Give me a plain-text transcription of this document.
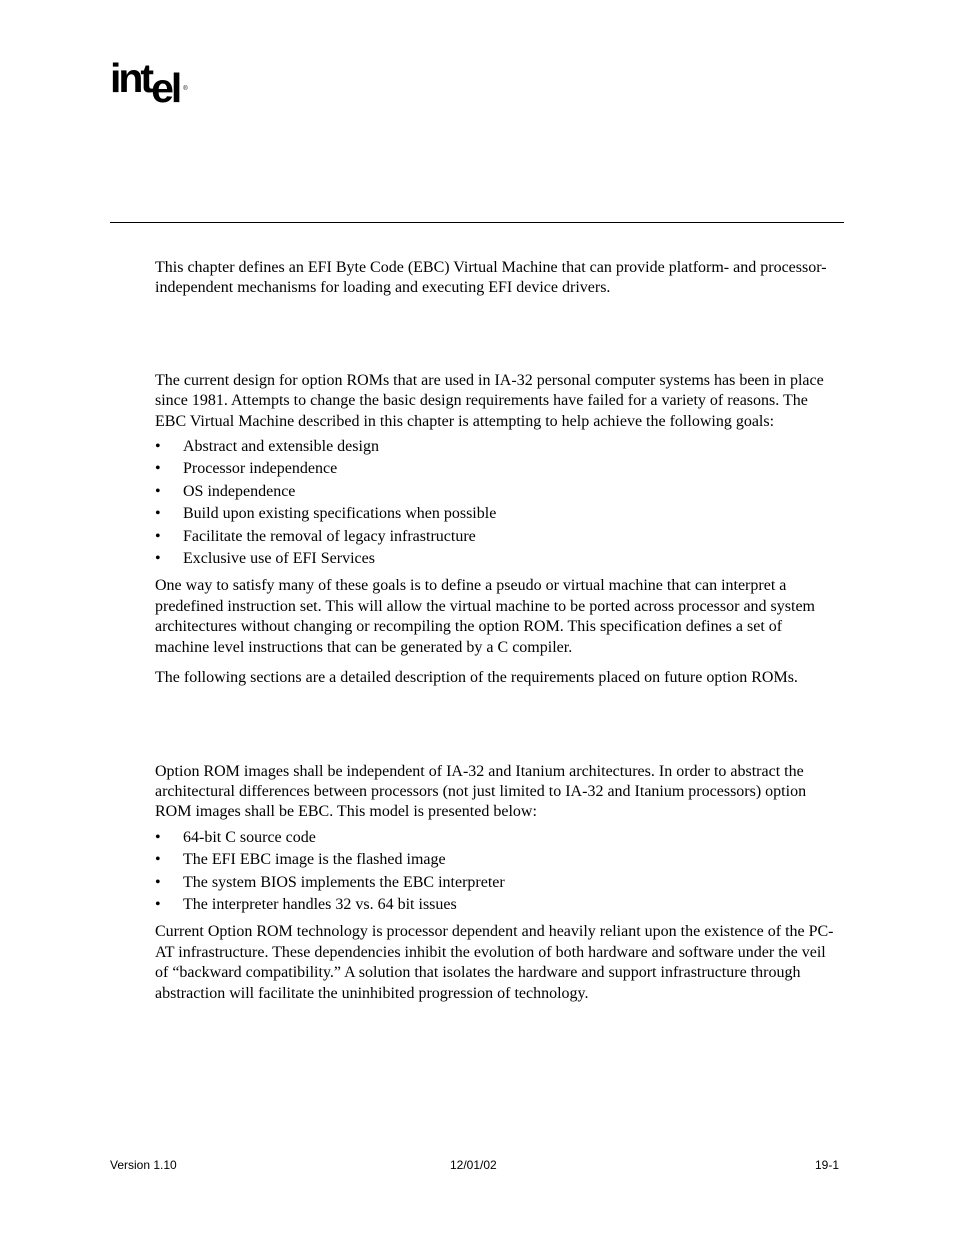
intel ®

This chapter defines an EFI Byte Code (EBC) Virtual Machine that can provide platform- and processor-independent mechanisms for loading and executing EFI device drivers.

The current design for option ROMs that are used in IA-32 personal computer systems has been in place since 1981. Attempts to change the basic design requirements have failed for a variety of reasons. The EBC Virtual Machine described in this chapter is attempting to help achieve the following goals:

• Abstract and extensible design
• Processor independence
• OS independence
• Build upon existing specifications when possible
• Facilitate the removal of legacy infrastructure
• Exclusive use of EFI Services

One way to satisfy many of these goals is to define a pseudo or virtual machine that can interpret a predefined instruction set. This will allow the virtual machine to be ported across processor and system architectures without changing or recompiling the option ROM. This specification defines a set of machine level instructions that can be generated by a C compiler.

The following sections are a detailed description of the requirements placed on future option ROMs.

Option ROM images shall be independent of IA-32 and Itanium architectures. In order to abstract the architectural differences between processors (not just limited to IA-32 and Itanium processors) option ROM images shall be EBC. This model is presented below:

• 64-bit C source code
• The EFI EBC image is the flashed image
• The system BIOS implements the EBC interpreter
• The interpreter handles 32 vs. 64 bit issues

Current Option ROM technology is processor dependent and heavily reliant upon the existence of the PC-AT infrastructure. These dependencies inhibit the evolution of both hardware and software under the veil of “backward compatibility.” A solution that isolates the hardware and support infrastructure through abstraction will facilitate the uninhibited progression of technology.

Version 1.10	12/01/02	19-1
